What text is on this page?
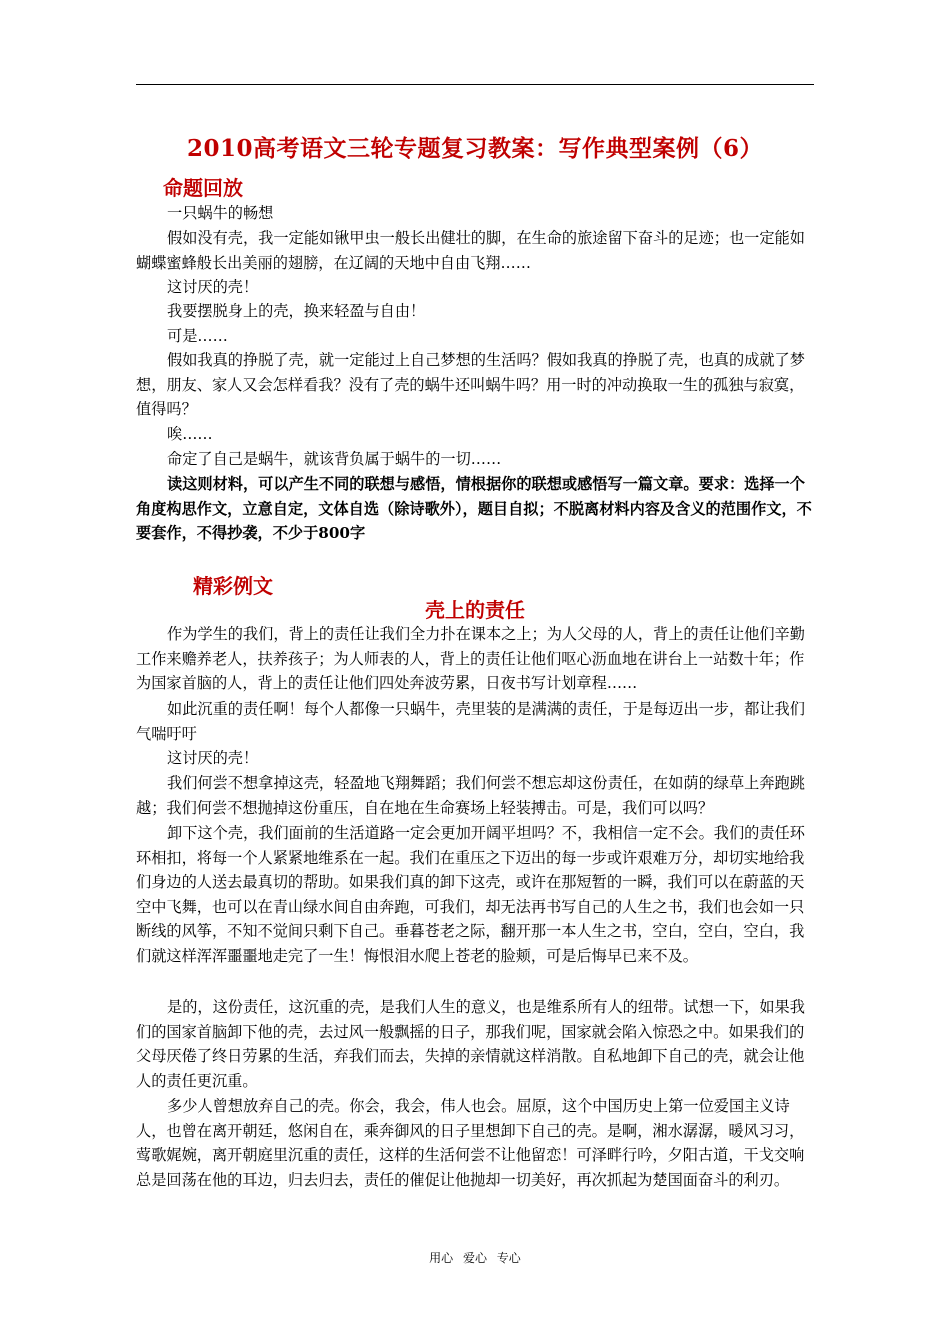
2010高考语文三轮专题复习教案：写作典型案例（6）
命题回放
一只蜗牛的畅想
假如没有壳，我一定能如锹甲虫一般长出健壮的脚，在生命的旅途留下奋斗的足迹；也一定能如蝴蝶蜜蜂般长出美丽的翅膀，在辽阔的天地中自由飞翔……
这讨厌的壳！
我要摆脱身上的壳，换来轻盈与自由！
可是……
假如我真的挣脱了壳，就一定能过上自己梦想的生活吗？假如我真的挣脱了壳，也真的成就了梦想，朋友、家人又会怎样看我？没有了壳的蜗牛还叫蜗牛吗？用一时的冲动换取一生的孤独与寂寞，值得吗？
唉……
命定了自己是蜗牛，就该背负属于蜗牛的一切……
读这则材料，可以产生不同的联想与感悟，情根据你的联想或感悟写一篇文章。要求：选择一个角度构思作文，立意自定，文体自选（除诗歌外），题目自拟；不脱离材料内容及含义的范围作文，不要套作，不得抄袭，不少于800字
精彩例文
壳上的责任
作为学生的我们，背上的责任让我们全力扑在课本之上；为人父母的人，背上的责任让他们辛勤工作来赡养老人，扶养孩子；为人师表的人，背上的责任让他们呕心沥血地在讲台上一站数十年；作为国家首脑的人，背上的责任让他们四处奔波劳累，日夜书写计划章程……
如此沉重的责任啊！每个人都像一只蜗牛，壳里装的是满满的责任，于是每迈出一步，都让我们气喘吁吁
这讨厌的壳！
我们何尝不想拿掉这壳，轻盈地飞翔舞蹈；我们何尝不想忘却这份责任，在如荫的绿草上奔跑跳越；我们何尝不想抛掉这份重压，自在地在生命赛场上轻装搏击。可是，我们可以吗？
卸下这个壳，我们面前的生活道路一定会更加开阔平坦吗？不，我相信一定不会。我们的责任环环相扣，将每一个人紧紧地维系在一起。我们在重压之下迈出的每一步或许艰难万分，却切实地给我们身边的人送去最真切的帮助。如果我们真的卸下这壳，或许在那短暂的一瞬，我们可以在蔚蓝的天空中飞舞，也可以在青山绿水间自由奔跑，可我们，却无法再书写自己的人生之书，我们也会如一只断线的风筝，不知不觉间只剩下自己。垂暮苍老之际，翻开那一本人生之书，空白，空白，空白，我们就这样浑浑噩噩地走完了一生！悔恨泪水爬上苍老的脸颊，可是后悔早已来不及。
是的，这份责任，这沉重的壳，是我们人生的意义，也是维系所有人的纽带。试想一下，如果我们的国家首脑卸下他的壳，去过风一般飘摇的日子，那我们呢，国家就会陷入惊恐之中。如果我们的父母厌倦了终日劳累的生活，弃我们而去，失掉的亲情就这样消散。自私地卸下自己的壳，就会让他人的责任更沉重。
多少人曾想放弃自己的壳。你会，我会，伟人也会。屈原，这个中国历史上第一位爱国主义诗人，也曾在离开朝廷，悠闲自在，乘奔御风的日子里想卸下自己的壳。是啊，湘水潺潺，暖风习习，莺歌娓婉，离开朝庭里沉重的责任，这样的生活何尝不让他留恋！可泽畔行吟，夕阳古道，干戈交响总是回荡在他的耳边，归去归去，责任的催促让他抛却一切美好，再次抓起为楚国面奋斗的利刃。
用心 爱心 专心
